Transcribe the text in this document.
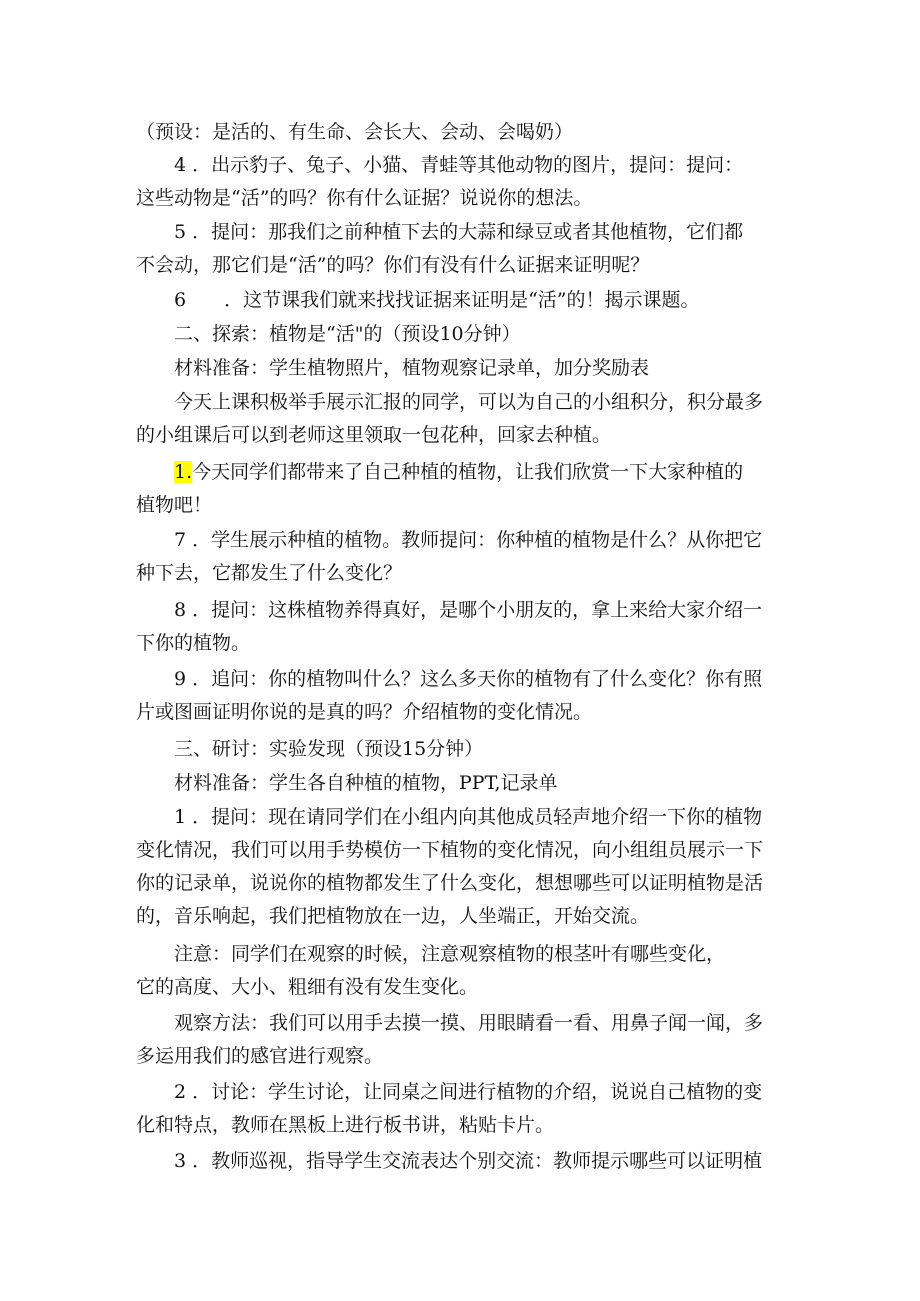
（预设：是活的、有生命、会长大、会动、会喝奶）

4 ．出示豹子、兔子、小猫、青蛙等其他动物的图片，提问：提问：
这些动物是“活”的吗？你有什么证据？说说你的想法。

5 ．提问：那我们之前种植下去的大蒜和绿豆或者其他植物，它们都
不会动，那它们是“活”的吗？你们有没有什么证据来证明呢？

6　　．这节课我们就来找找证据来证明是“活”的！揭示课题。

二、探索：植物是“活"的（预设10分钟）

材料准备：学生植物照片，植物观察记录单，加分奖励表

今天上课积极举手展示汇报的同学，可以为自己的小组积分，积分最多
的小组课后可以到老师这里领取一包花种，回家去种植。

1.今天同学们都带来了自己种植的植物，让我们欣赏一下大家种植的
植物吧！

7 ．学生展示种植的植物。教师提问：你种植的植物是什么？从你把它
种下去，它都发生了什么变化？

8 ．提问：这株植物养得真好，是哪个小朋友的，拿上来给大家介绍一
下你的植物。

9 ．追问：你的植物叫什么？这么多天你的植物有了什么变化？你有照
片或图画证明你说的是真的吗？介绍植物的变化情况。

三、研讨：实验发现（预设15分钟）

材料准备：学生各自种植的植物，PPT,记录单

1 ．提问：现在请同学们在小组内向其他成员轻声地介绍一下你的植物
变化情况，我们可以用手势模仿一下植物的变化情况，向小组组员展示一下
你的记录单，说说你的植物都发生了什么变化，想想哪些可以证明植物是活
的，音乐响起，我们把植物放在一边，人坐端正，开始交流。

注意：同学们在观察的时候，注意观察植物的根茎叶有哪些变化，
它的高度、大小、粗细有没有发生变化。

观察方法：我们可以用手去摸一摸、用眼睛看一看、用鼻子闻一闻，多
多运用我们的感官进行观察。

2 ．讨论：学生讨论，让同桌之间进行植物的介绍，说说自己植物的变
化和特点，教师在黑板上进行板书讲，粘贴卡片。

3 ．教师巡视，指导学生交流表达个别交流：教师提示哪些可以证明植
